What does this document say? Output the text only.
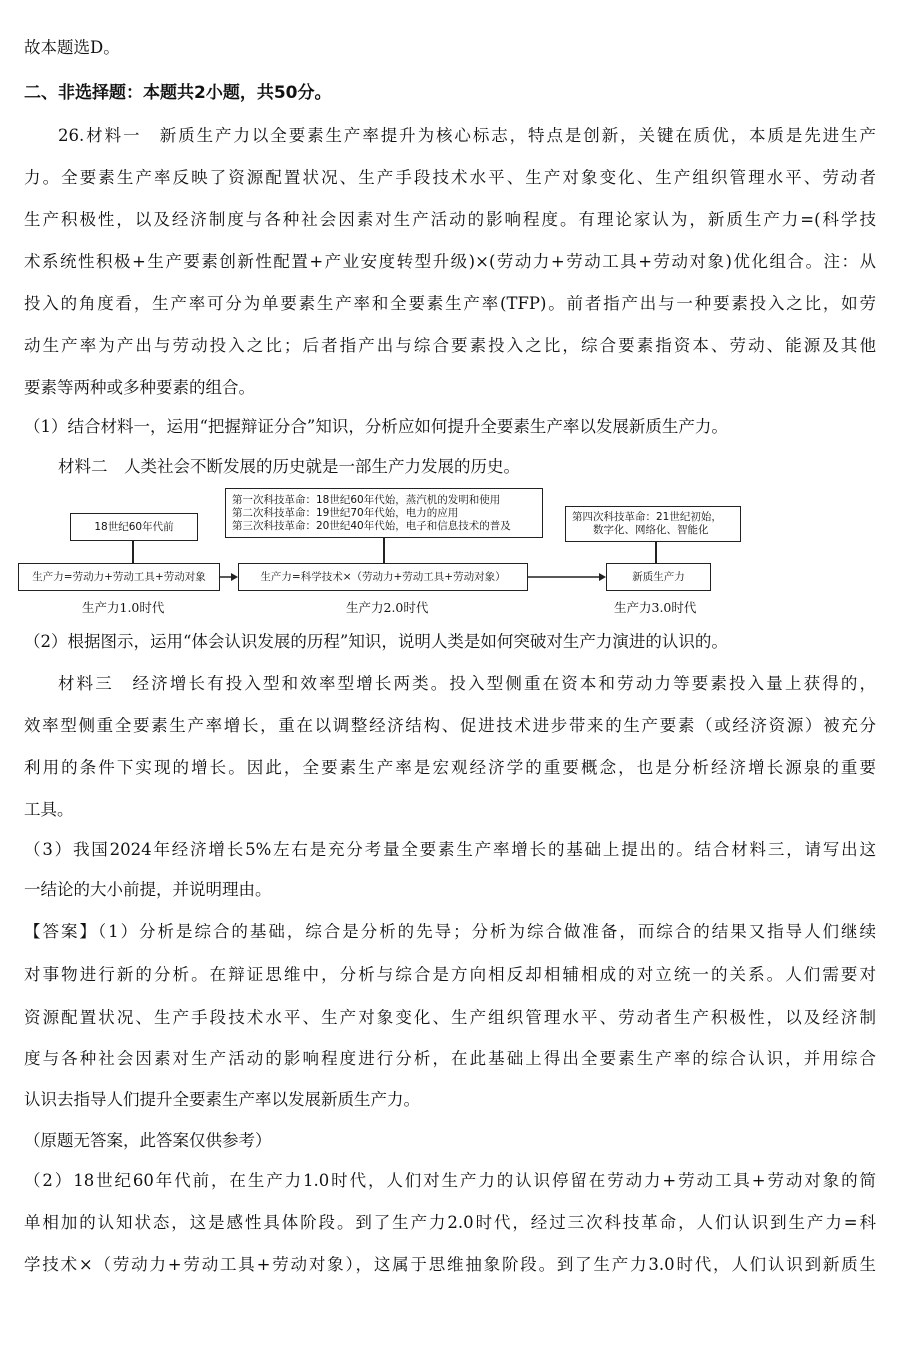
故本题选D。
二、非选择题：本题共2小题，共50分。
26.材料一　新质生产力以全要素生产率提升为核心标志，特点是创新，关键在质优，本质是先进生产
力。全要素生产率反映了资源配置状况、生产手段技术水平、生产对象变化、生产组织管理水平、劳动者
生产积极性，以及经济制度与各种社会因素对生产活动的影响程度。有理论家认为，新质生产力=(科学技
术系统性积极+生产要素创新性配置+产业安度转型升级)×(劳动力+劳动工具+劳动对象)优化组合。注：从
投入的角度看，生产率可分为单要素生产率和全要素生产率(TFP)。前者指产出与一种要素投入之比，如劳
动生产率为产出与劳动投入之比；后者指产出与综合要素投入之比，综合要素指资本、劳动、能源及其他
要素等两种或多种要素的组合。
（1）结合材料一，运用“把握辩证分合”知识，分析应如何提升全要素生产率以发展新质生产力。
材料二　人类社会不断发展的历史就是一部生产力发展的历史。
18世纪60年代前
第一次科技革命：18世纪60年代始，蒸汽机的发明和使用
第二次科技革命：19世纪70年代始，电力的应用
第三次科技革命：20世纪40年代始，电子和信息技术的普及
第四次科技革命：21世纪初始，
　　数字化、网络化、智能化
生产力=劳动力+劳动工具+劳动对象	生产力=科学技术×（劳动力+劳动工具+劳动对象）	新质生产力
生产力1.0时代	生产力2.0时代	生产力3.0时代
（2）根据图示，运用“体会认识发展的历程”知识，说明人类是如何突破对生产力演进的认识的。
材料三　经济增长有投入型和效率型增长两类。投入型侧重在资本和劳动力等要素投入量上获得的，
效率型侧重全要素生产率增长，重在以调整经济结构、促进技术进步带来的生产要素（或经济资源）被充分
利用的条件下实现的增长。因此，全要素生产率是宏观经济学的重要概念，也是分析经济增长源泉的重要
工具。
（3）我国2024年经济增长5%左右是充分考量全要素生产率增长的基础上提出的。结合材料三，请写出这
一结论的大小前提，并说明理由。
【答案】（1）分析是综合的基础，综合是分析的先导；分析为综合做准备，而综合的结果又指导人们继续
对事物进行新的分析。在辩证思维中，分析与综合是方向相反却相辅相成的对立统一的关系。人们需要对
资源配置状况、生产手段技术水平、生产对象变化、生产组织管理水平、劳动者生产积极性，以及经济制
度与各种社会因素对生产活动的影响程度进行分析，在此基础上得出全要素生产率的综合认识，并用综合
认识去指导人们提升全要素生产率以发展新质生产力。
（原题无答案，此答案仅供参考）
（2）18世纪60年代前，在生产力1.0时代，人们对生产力的认识停留在劳动力+劳动工具+劳动对象的简
单相加的认知状态，这是感性具体阶段。到了生产力2.0时代，经过三次科技革命，人们认识到生产力=科
学技术×（劳动力+劳动工具+劳动对象），这属于思维抽象阶段。到了生产力3.0时代，人们认识到新质生
